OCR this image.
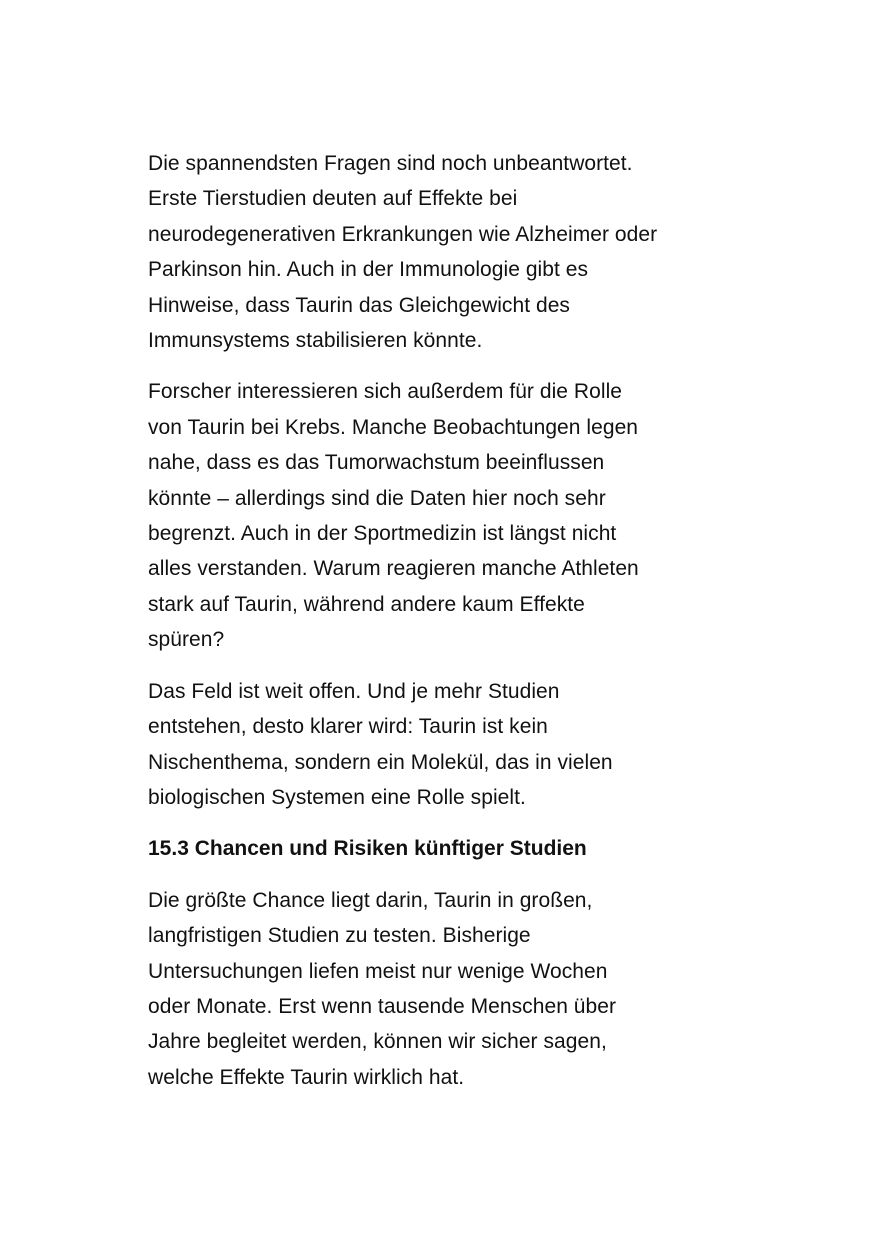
Die spannendsten Fragen sind noch unbeantwortet.
Erste Tierstudien deuten auf Effekte bei
neurodegenerativen Erkrankungen wie Alzheimer oder
Parkinson hin. Auch in der Immunologie gibt es
Hinweise, dass Taurin das Gleichgewicht des
Immunsystems stabilisieren könnte.

Forscher interessieren sich außerdem für die Rolle
von Taurin bei Krebs. Manche Beobachtungen legen
nahe, dass es das Tumorwachstum beeinflussen
könnte – allerdings sind die Daten hier noch sehr
begrenzt. Auch in der Sportmedizin ist längst nicht
alles verstanden. Warum reagieren manche Athleten
stark auf Taurin, während andere kaum Effekte
spüren?

Das Feld ist weit offen. Und je mehr Studien
entstehen, desto klarer wird: Taurin ist kein
Nischenthema, sondern ein Molekül, das in vielen
biologischen Systemen eine Rolle spielt.

15.3 Chancen und Risiken künftiger Studien

Die größte Chance liegt darin, Taurin in großen,
langfristigen Studien zu testen. Bisherige
Untersuchungen liefen meist nur wenige Wochen
oder Monate. Erst wenn tausende Menschen über
Jahre begleitet werden, können wir sicher sagen,
welche Effekte Taurin wirklich hat.
